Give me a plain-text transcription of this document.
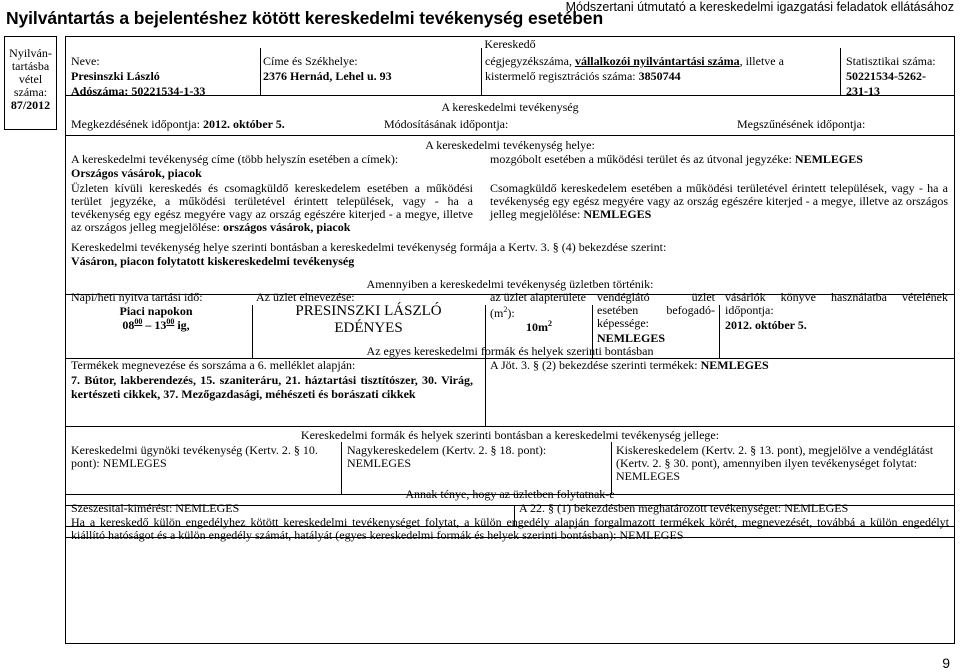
Nyilvántartás a bejelentéshez kötött kereskedelmi tevékenység esetében
Módszertani útmutató a kereskedelmi igazgatási feladatok ellátásához
Nyilván-
tartásba
vétel
száma:
87/2012
Kereskedő
Neve:
Presinszki László
Adószáma: 50221534-1-33
Címe és Székhelye:
2376 Hernád, Lehel u. 93
cégjegyzékszáma, vállalkozói nyilvántartási száma, illetve a
kistermelő regisztrációs száma: 3850744
Statisztikai száma:
50221534-5262-
231-13
A kereskedelmi tevékenység
Megkezdésének időpontja: 2012. október 5.	Módosításának időpontja:	Megszűnésének időpontja:
A kereskedelmi tevékenység helye:
A kereskedelmi tevékenység címe (több helyszín esetében a címek):
Országos vásárok, piacok
mozgóbolt esetében a működési terület és az útvonal jegyzéke: NEMLEGES
Üzleten kívüli kereskedés és csomagküldő kereskedelem esetében a működési terület jegyzéke, a működési területével érintett települések, vagy - ha a tevékenység egy egész megyére vagy az ország egészére kiterjed - a megye, illetve az országos jelleg megjelölése: országos vásárok, piacok
Csomagküldő kereskedelem esetében a működési területével érintett települések, vagy - ha a tevékenység egy egész megyére vagy az ország egészére kiterjed - a megye, illetve az országos jelleg megjelölése: NEMLEGES
Kereskedelmi tevékenység helye szerinti bontásban a kereskedelmi tevékenység formája a Kertv. 3. § (4) bekezdése szerint:
Vásáron, piacon folytatott kiskereskedelmi tevékenység
Amennyiben a kereskedelmi tevékenység üzletben történik:
Napi/heti nyitva tartási idő:
Piaci napokon
$08^{00} - 13^{00}$ ig,
Az üzlet elnevezése:
PRESINSZKI LÁSZLÓ
EDÉNYES
az üzlet alapterülete
$(m^2)$:
$10m^2$
vendéglátó üzlet esetében befogadó-képessége:
NEMLEGES
vásárlók könyve használatba vételének időpontja:
2012. október 5.
Az egyes kereskedelmi formák és helyek szerinti bontásban
Termékek megnevezése és sorszáma a 6. melléklet alapján:
7. Bútor, lakberendezés, 15. szaniteráru, 21. háztartási tisztítószer, 30. Virág, kertészeti cikkek, 37. Mezőgazdasági, méhészeti és borászati cikkek
A Jöt. 3. § (2) bekezdése szerinti termékek: NEMLEGES
Kereskedelmi formák és helyek szerinti bontásban a kereskedelmi tevékenység jellege:
Kereskedelmi ügynöki tevékenység (Kertv. 2. § 10. pont): NEMLEGES
Nagykereskedelem (Kertv. 2. § 18. pont):
NEMLEGES
Kiskereskedelem (Kertv. 2. § 13. pont), megjelölve a vendéglátást (Kertv. 2. § 30. pont), amennyiben ilyen tevékenységet folytat:
NEMLEGES
Annak ténye, hogy az üzletben folytatnak-e
Szeszesital-kimérést: NEMLEGES	A 22. § (1) bekezdésben meghatározott tevékenységet: NEMLEGES
Ha a kereskedő külön engedélyhez kötött kereskedelmi tevékenységet folytat, a külön engedély alapján forgalmazott termékek körét, megnevezését, továbbá a külön engedélyt kiállító hatóságot és a külön engedély számát, hatályát (egyes kereskedelmi formák és helyek szerinti bontásban): NEMLEGES
9
